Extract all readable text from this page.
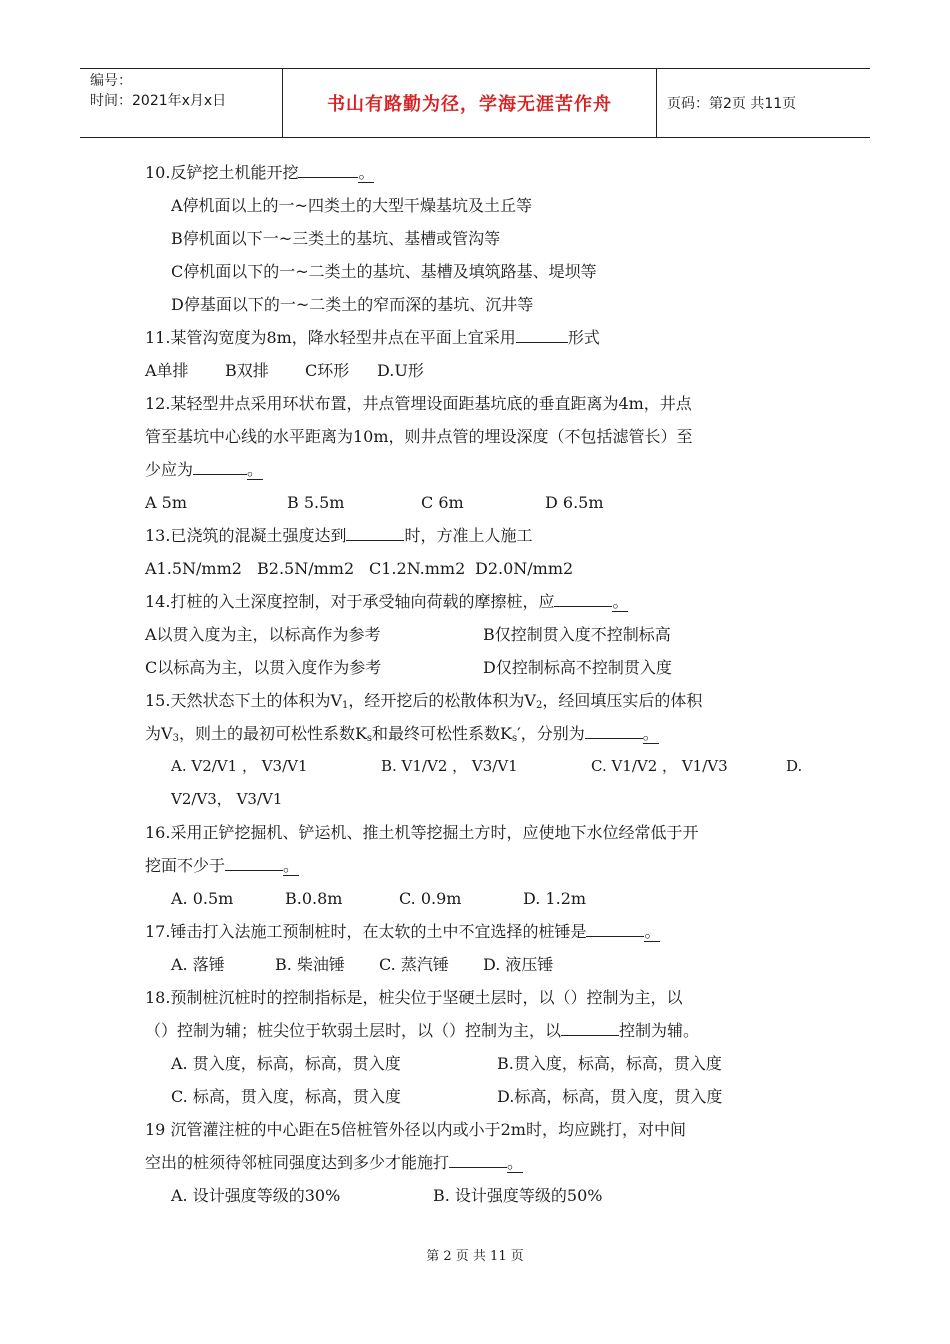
编号：
时间：2021年x月x日	书山有路勤为径，学海无涯苦作舟	页码：第2页 共11页
10.反铲挖土机能开挖	。
A停机面以上的一~四类土的大型干燥基坑及土丘等
B停机面以下一~三类土的基坑、基槽或管沟等
C停机面以下的一~二类土的基坑、基槽及填筑路基、堤坝等
D停基面以下的一~二类土的窄而深的基坑、沉井等
11.某管沟宽度为8m，降水轻型井点在平面上宜采用	形式
A单排	B双排	C环形	D.U形
12.某轻型井点采用环状布置，井点管埋设面距基坑底的垂直距离为4m，井点
管至基坑中心线的水平距离为10m，则井点管的埋设深度（不包括滤管长）至
少应为	。
A 5m	B 5.5m	C 6m	D 6.5m
13.已浇筑的混凝土强度达到	时，方准上人施工
A1.5N/mm2 B2.5N/mm2 C1.2N.mm2 D2.0N/mm2
14.打桩的入土深度控制，对于承受轴向荷载的摩擦桩，应	。
A以贯入度为主，以标高作为参考	B仅控制贯入度不控制标高
C以标高为主，以贯入度作为参考	D仅控制标高不控制贯入度
15.天然状态下土的体积为$V_1$，经开挖后的松散体积为$V_2$，经回填压实后的体积
为$V_3$，则土的最初可松性系数$K_s$和最终可松性系数$K_s'$，分别为	。
A. V2/V1 ， V3/V1	B. V1/V2 ， V3/V1	C. V1/V2 ， V1/V3	D.
V2/V3， V3/V1
16.采用正铲挖掘机、铲运机、推土机等挖掘土方时，应使地下水位经常低于开
挖面不少于	。
A. 0.5m	B.0.8m	C. 0.9m	D. 1.2m
17.锤击打入法施工预制桩时，在太软的土中不宜选择的桩锤是	。
A. 落锤	B. 柴油锤	C. 蒸汽锤	D. 液压锤
18.预制桩沉桩时的控制指标是，桩尖位于坚硬土层时，以（）控制为主，以
（）控制为辅；桩尖位于软弱土层时，以（）控制为主，以	控制为辅。
A. 贯入度，标高，标高，贯入度	B.贯入度，标高，标高，贯入度
C. 标高，贯入度，标高，贯入度	D.标高，标高，贯入度，贯入度
19 沉管灌注桩的中心距在5倍桩管外径以内或小于2m时，均应跳打，对中间
空出的桩须待邻桩同强度达到多少才能施打	。
A. 设计强度等级的30%	B. 设计强度等级的50%
第 2 页 共 11 页
